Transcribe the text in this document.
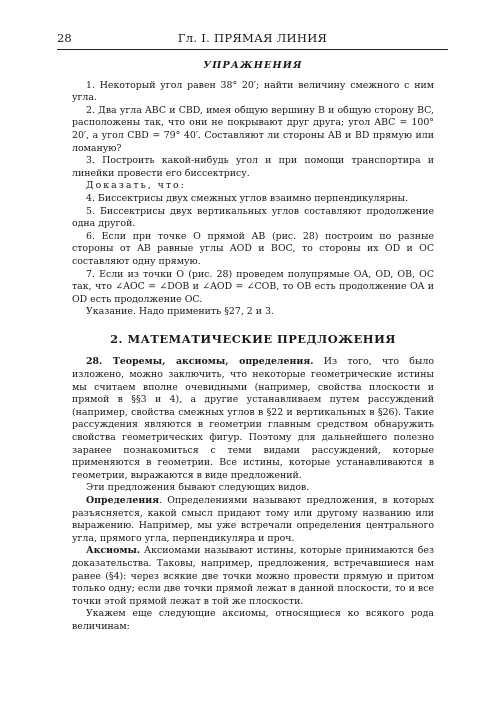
28	Гл. I. ПРЯМАЯ ЛИНИЯ
УПРАЖНЕНИЯ

1. Некоторый угол равен 38° 20′; найти величину смежного с ним угла.

2. Два угла ABC и CBD, имея общую вершину B и общую сторону BC, расположены так, что они не покрывают друг друга; угол ABC = 100° 20′, а угол CBD = 79° 40′. Составляют ли стороны AB и BD прямую или ломаную?

3. Построить какой-нибудь угол и при помощи транспортира и линейки провести его биссектрису.

Доказать, что:

4. Биссектрисы двух смежных углов взаимно перпендикулярны.

5. Биссектрисы двух вертикальных углов составляют продолжение одна другой.

6. Если при точке O прямой AB (рис. 28) построим по разные стороны от AB равные углы AOD и BOC, то стороны их OD и OC составляют одну прямую.

7. Если из точки O (рис. 28) проведем полупрямые OA, OD, OB, OC так, что ∠AOC = ∠DOB и ∠AOD = ∠COB, то OB есть продолжение OA и OD есть продолжение OC.

Указание. Надо применить §27, 2 и 3.

2. МАТЕМАТИЧЕСКИЕ ПРЕДЛОЖЕНИЯ

28. Теоремы, аксиомы, определения. Из того, что было изложено, можно заключить, что некоторые геометрические истины мы считаем вполне очевидными (например, свойства плоскости и прямой в §§3 и 4), а другие устанавливаем путем рассуждений (например, свойства смежных углов в §22 и вертикальных в §26). Такие рассуждения являются в геометрии главным средством обнаружить свойства геометрических фигур. Поэтому для дальнейшего полезно заранее познакомиться с теми видами рассуждений, которые применяются в геометрии. Все истины, которые устанавливаются в геометрии, выражаются в виде предложений.

Эти предложения бывают следующих видов.

Определения. Определениями называют предложения, в которых разъясняется, какой смысл придают тому или другому названию или выражению. Например, мы уже встречали определения центрального угла, прямого угла, перпендикуляра и проч.

Аксиомы. Аксиомами называют истины, которые принимаются без доказательства. Таковы, например, предложения, встречавшиеся нам ранее (§4): через всякие две точки можно провести прямую и притом только одну; если две точки прямой лежат в данной плоскости, то и все точки этой прямой лежат в той же плоскости.

Укажем еще следующие аксиомы, относящиеся ко всякого рода величинам:
